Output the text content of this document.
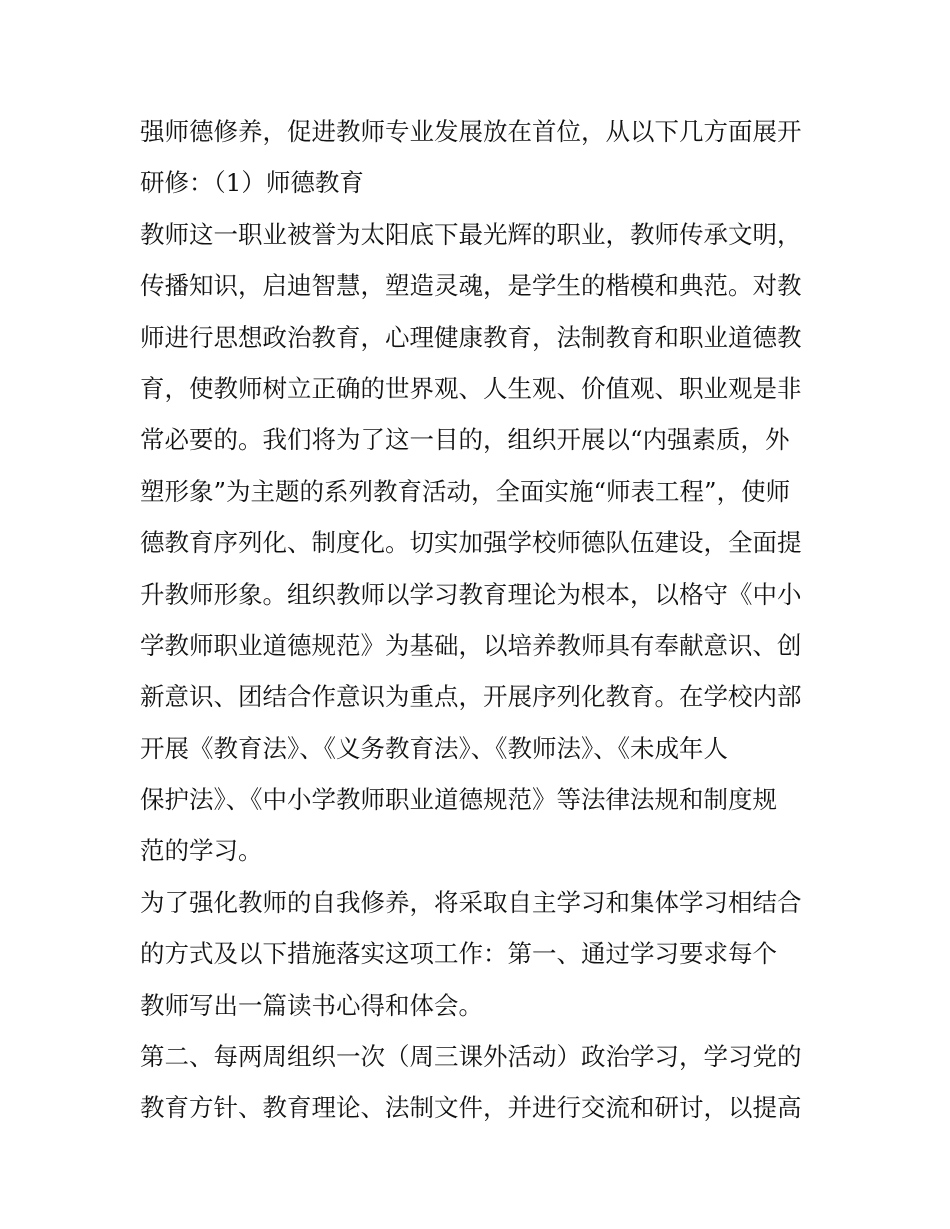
强师德修养，促进教师专业发展放在首位，从以下几方面展开
研修：（1）师德教育
教师这一职业被誉为太阳底下最光辉的职业，教师传承文明，
传播知识，启迪智慧，塑造灵魂，是学生的楷模和典范。对教
师进行思想政治教育，心理健康教育，法制教育和职业道德教
育，使教师树立正确的世界观、人生观、价值观、职业观是非
常必要的。我们将为了这一目的，组织开展以“内强素质，外
塑形象”为主题的系列教育活动，全面实施“师表工程”，使师
德教育序列化、制度化。切实加强学校师德队伍建设，全面提
升教师形象。组织教师以学习教育理论为根本，以格守《中小
学教师职业道德规范》为基础，以培养教师具有奉献意识、创
新意识、团结合作意识为重点，开展序列化教育。在学校内部
开展《教育法》、《义务教育法》、《教师法》、《未成年人
保护法》、《中小学教师职业道德规范》等法律法规和制度规
范的学习。
为了强化教师的自我修养，将采取自主学习和集体学习相结合
的方式及以下措施落实这项工作：第一、通过学习要求每个
教师写出一篇读书心得和体会。
第二、每两周组织一次（周三课外活动）政治学习，学习党的
教育方针、教育理论、法制文件，并进行交流和研讨，以提高
